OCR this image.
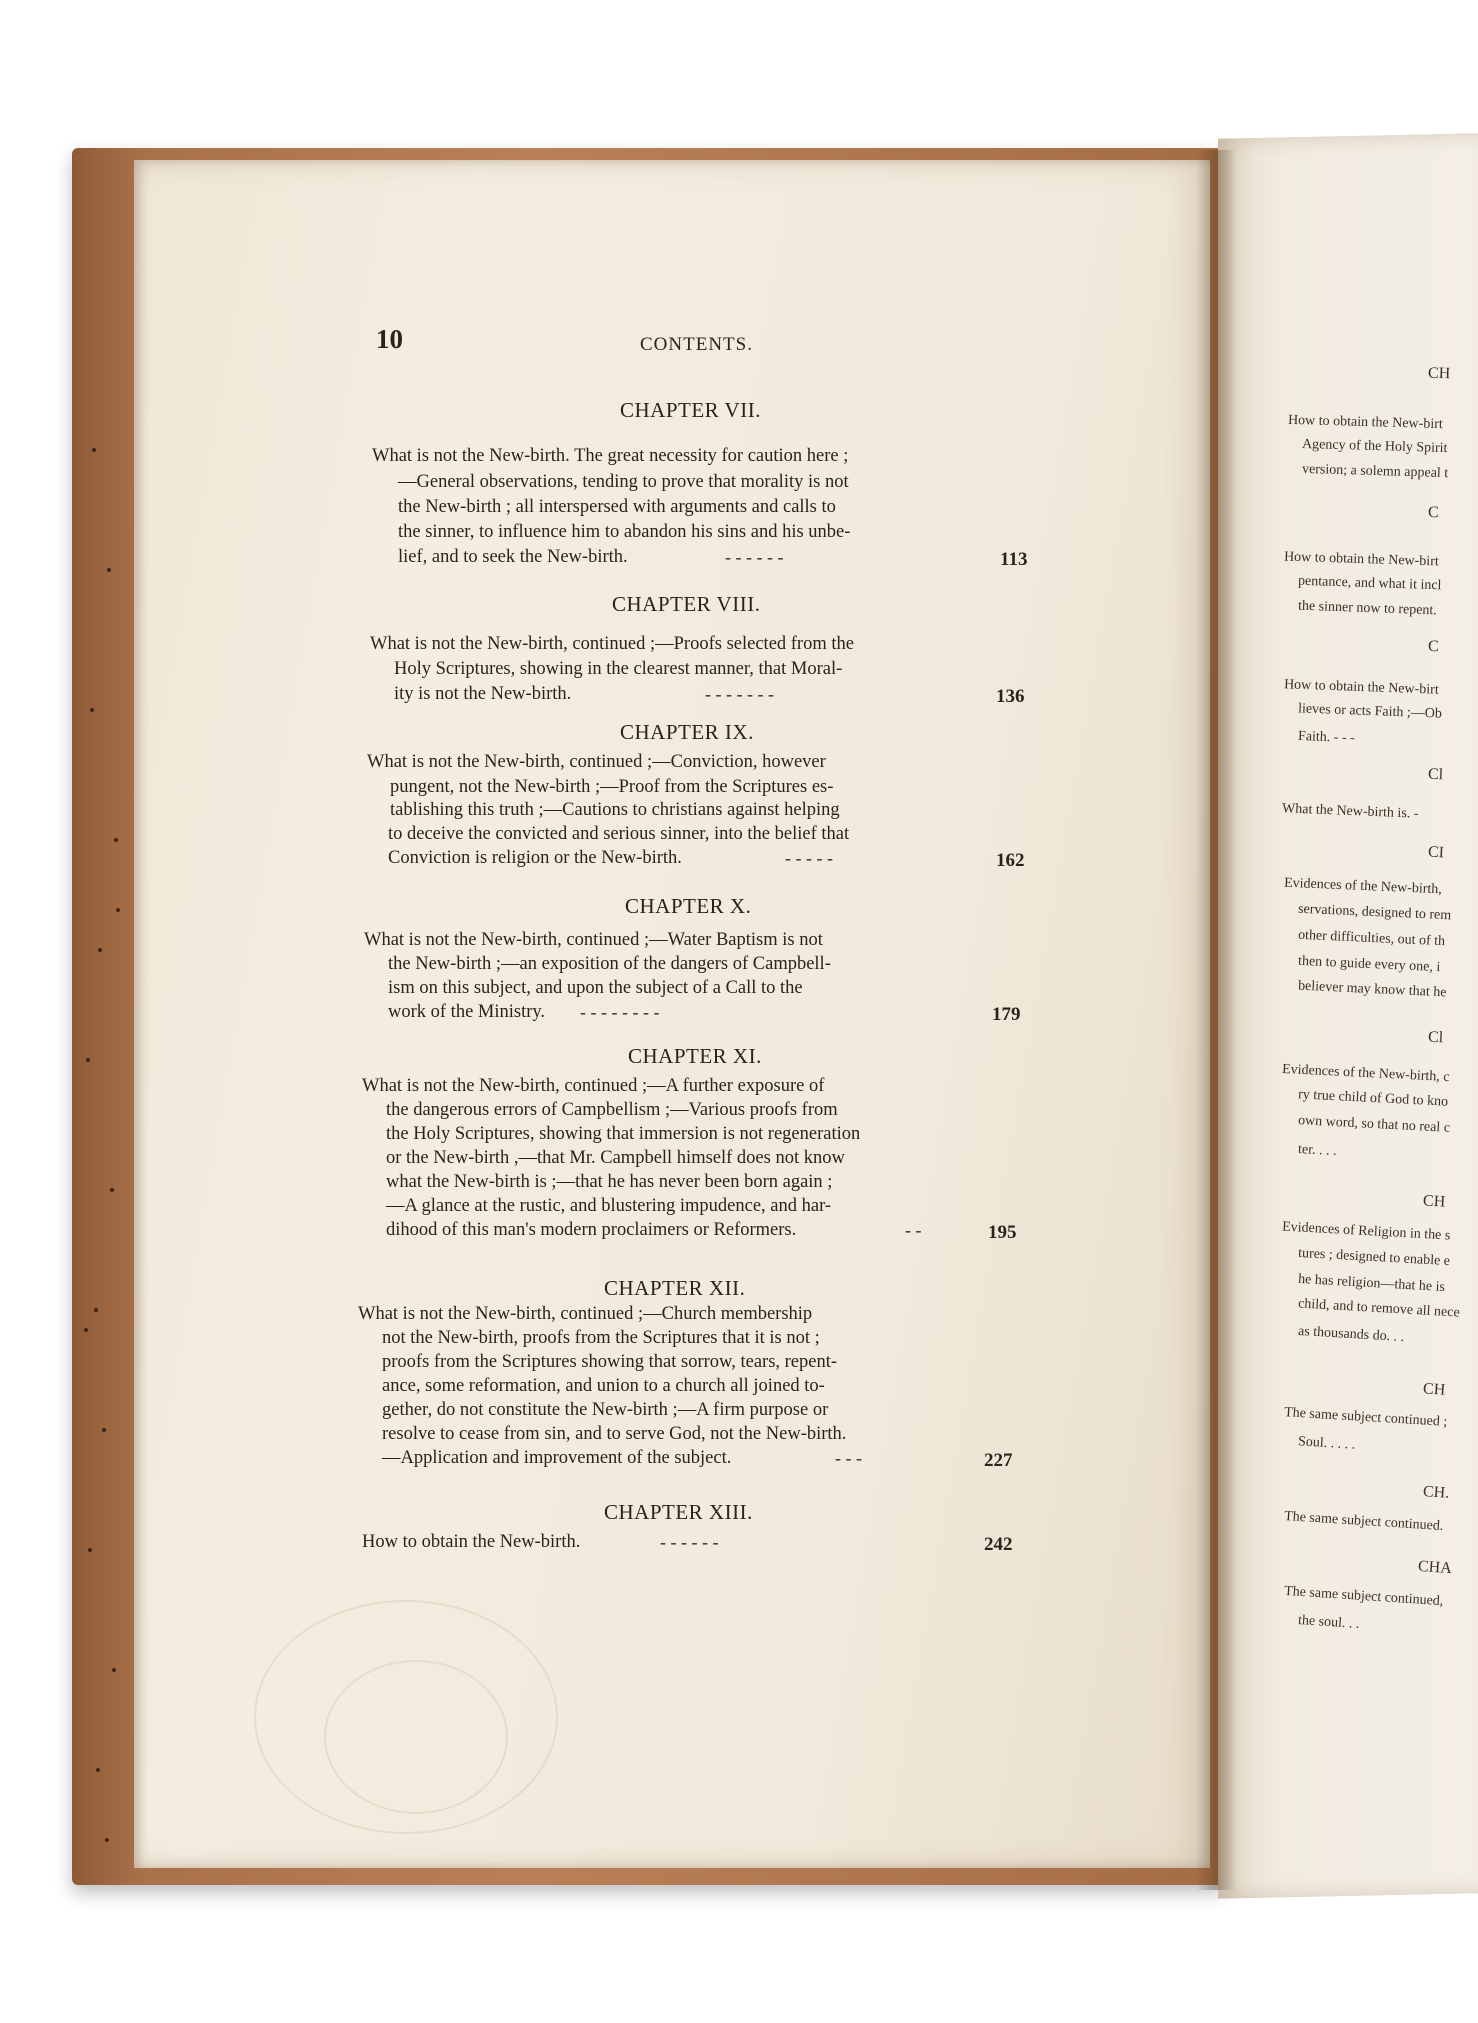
10	CONTENTS.
CHAPTER VII.
What is not the New-birth. The great necessity for caution here ;
—General observations, tending to prove that morality is not
the New-birth ; all interspersed with arguments and calls to
the sinner, to influence him to abandon his sins and his unbe-
lief, and to seek the New-birth.	- - - - - -	113
CHAPTER VIII.
What is not the New-birth, continued ;—Proofs selected from the
Holy Scriptures, showing in the clearest manner, that Moral-
ity is not the New-birth.	- - - - - - -	136
CHAPTER IX.
What is not the New-birth, continued ;—Conviction, however
pungent, not the New-birth ;—Proof from the Scriptures es-
tablishing this truth ;—Cautions to christians against helping
to deceive the convicted and serious sinner, into the belief that
Conviction is religion or the New-birth.	- - - - -	162
CHAPTER X.
What is not the New-birth, continued ;—Water Baptism is not
the New-birth ;—an exposition of the dangers of Campbell-
ism on this subject, and upon the subject of a Call to the
work of the Ministry. - - - - - - - -	179
CHAPTER XI.
What is not the New-birth, continued ;—A further exposure of
the dangerous errors of Campbellism ;—Various proofs from
the Holy Scriptures, showing that immersion is not regeneration
or the New-birth ,—that Mr. Campbell himself does not know
what the New-birth is ;—that he has never been born again ;
—A glance at the rustic, and blustering impudence, and har-
dihood of this man's modern proclaimers or Reformers.	- -	195
CHAPTER XII.
What is not the New-birth, continued ;—Church membership
not the New-birth, proofs from the Scriptures that it is not ;
proofs from the Scriptures showing that sorrow, tears, repent-
ance, some reformation, and union to a church all joined to-
gether, do not constitute the New-birth ;—A firm purpose or
resolve to cease from sin, and to serve God, not the New-birth.
—Application and improvement of the subject.	- - -	227
CHAPTER XIII.
How to obtain the New-birth.	- - - - - -	242
CH
How to obtain the New-birt
Agency of the Holy Spirit
version; a solemn appeal t
C
How to obtain the New-birt
pentance, and what it incl
the sinner now to repent.
C
How to obtain the New-birt
lieves or acts Faith ;—Ob
Faith. - - -
Cl
What the New-birth is. -
CI
Evidences of the New-birth,
servations, designed to rem
other difficulties, out of th
then to guide every one, i
believer may know that he
Cl
Evidences of the New-birth, c
ry true child of God to kno
own word, so that no real c
ter. . . .
CH
Evidences of Religion in the s
tures ; designed to enable e
he has religion—that he is
child, and to remove all nece
as thousands do. . .
CH
The same subject continued ;
Soul. . . . .
CH.
The same subject continued.
CHA
The same subject continued,
the soul. . .
